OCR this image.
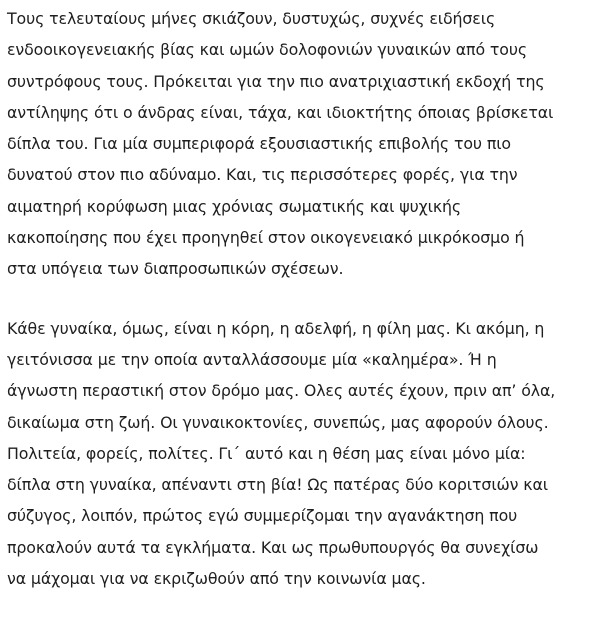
Τους τελευταίους μήνες σκιάζουν, δυστυχώς, συχνές ειδήσεις
ενδοοικογενειακής βίας και ωμών δολοφονιών γυναικών από τους
συντρόφους τους. Πρόκειται για την πιο ανατριχιαστική εκδοχή της
αντίληψης ότι ο άνδρας είναι, τάχα, και ιδιοκτήτης όποιας βρίσκεται
δίπλα του. Για μία συμπεριφορά εξουσιαστικής επιβολής του πιο
δυνατού στον πιο αδύναμο. Και, τις περισσότερες φορές, για την
αιματηρή κορύφωση μιας χρόνιας σωματικής και ψυχικής
κακοποίησης που έχει προηγηθεί στον οικογενειακό μικρόκοσμο ή
στα υπόγεια των διαπροσωπικών σχέσεων.

Κάθε γυναίκα, όμως, είναι η κόρη, η αδελφή, η φίλη μας. Κι ακόμη, η
γειτόνισσα με την οποία ανταλλάσσουμε μία «καλημέρα». Ή η
άγνωστη περαστική στον δρόμο μας. Ολες αυτές έχουν, πριν απ’ όλα,
δικαίωμα στη ζωή. Οι γυναικοκτονίες, συνεπώς, μας αφορούν όλους.
Πολιτεία, φορείς, πολίτες. Γι΄ αυτό και η θέση μας είναι μόνο μία:
δίπλα στη γυναίκα, απέναντι στη βία! Ως πατέρας δύο κοριτσιών και
σύζυγος, λοιπόν, πρώτος εγώ συμμερίζομαι την αγανάκτηση που
προκαλούν αυτά τα εγκλήματα. Και ως πρωθυπουργός θα συνεχίσω
να μάχομαι για να εκριζωθούν από την κοινωνία μας.
